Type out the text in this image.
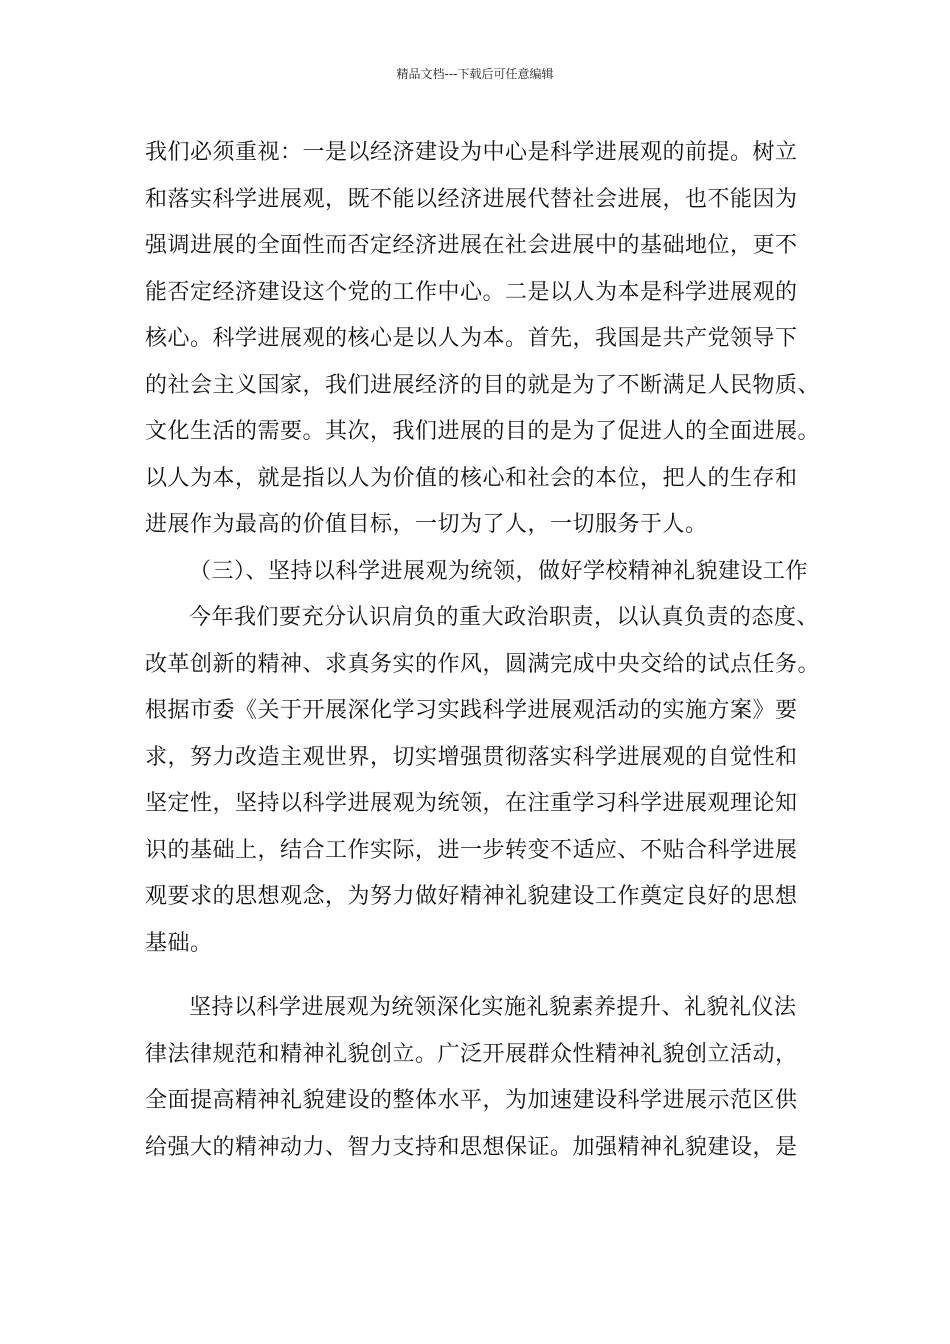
精品文档---下载后可任意编辑
我们必须重视：一是以经济建设为中心是科学进展观的前提。树立
和落实科学进展观，既不能以经济进展代替社会进展，也不能因为
强调进展的全面性而否定经济进展在社会进展中的基础地位，更不
能否定经济建设这个党的工作中心。二是以人为本是科学进展观的
核心。科学进展观的核心是以人为本。首先，我国是共产党领导下
的社会主义国家，我们进展经济的目的就是为了不断满足人民物质、
文化生活的需要。其次，我们进展的目的是为了促进人的全面进展。
以人为本，就是指以人为价值的核心和社会的本位，把人的生存和
进展作为最高的价值目标，一切为了人，一切服务于人。
（三）、坚持以科学进展观为统领，做好学校精神礼貌建设工作
今年我们要充分认识肩负的重大政治职责，以认真负责的态度、
改革创新的精神、求真务实的作风，圆满完成中央交给的试点任务。
根据市委《关于开展深化学习实践科学进展观活动的实施方案》要
求，努力改造主观世界，切实增强贯彻落实科学进展观的自觉性和
坚定性，坚持以科学进展观为统领，在注重学习科学进展观理论知
识的基础上，结合工作实际，进一步转变不适应、不贴合科学进展
观要求的思想观念，为努力做好精神礼貌建设工作奠定良好的思想
基础。
坚持以科学进展观为统领深化实施礼貌素养提升、礼貌礼仪法
律法律规范和精神礼貌创立。广泛开展群众性精神礼貌创立活动，
全面提高精神礼貌建设的整体水平，为加速建设科学进展示范区供
给强大的精神动力、智力支持和思想保证。加强精神礼貌建设，是
